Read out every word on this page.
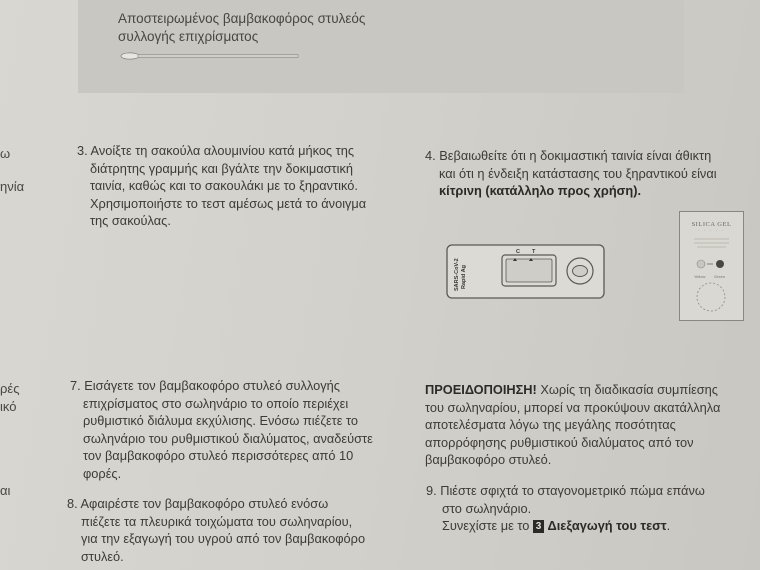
ω
ηνία
ρές
ικό
αι
Αποστειρωμένος βαμβακοφόρος στυλεός
συλλογής επιχρίσματος
3. Ανοίξτε τη σακούλα αλουμινίου κατά μήκος της
διάτρητης γραμμής και βγάλτε την δοκιμαστική
ταινία, καθώς και το σακουλάκι με το ξηραντικό.
Χρησιμοποιήστε το τεστ αμέσως μετά το άνοιγμα
της σακούλας.
4. Βεβαιωθείτε ότι η δοκιμαστική ταινία είναι άθικτη
και ότι η ένδειξη κατάστασης του ξηραντικού είναι
κίτρινη (κατάλληλο προς χρήση).
SARS-CoV-2 Rapid Ag
C T
SILICA GEL
· · · · ·
Yellow Green
7. Εισάγετε τον βαμβακοφόρο στυλεό συλλογής
επιχρίσματος στο σωληνάριο το οποίο περιέχει
ρυθμιστικό διάλυμα εκχύλισης. Ενόσω πιέζετε το
σωληνάριο του ρυθμιστικού διαλύματος, αναδεύστε
τον βαμβακοφόρο στυλεό περισσότερες από 10
φορές.
8. Αφαιρέστε τον βαμβακοφόρο στυλεό ενόσω
πιέζετε τα πλευρικά τοιχώματα του σωληναρίου,
για την εξαγωγή του υγρού από τον βαμβακοφόρο
στυλεό.
ΠΡΟΕΙΔΟΠΟΙΗΣΗ! Χωρίς τη διαδικασία συμπίεσης
του σωληναρίου, μπορεί να προκύψουν ακατάλληλα
αποτελέσματα λόγω της μεγάλης ποσότητας
απορρόφησης ρυθμιστικού διαλύματος από τον
βαμβακοφόρο στυλεό.
9. Πιέστε σφιχτά το σταγονομετρικό πώμα επάνω
στο σωληνάριο.
Συνεχίστε με το 3 Διεξαγωγή του τεστ.
